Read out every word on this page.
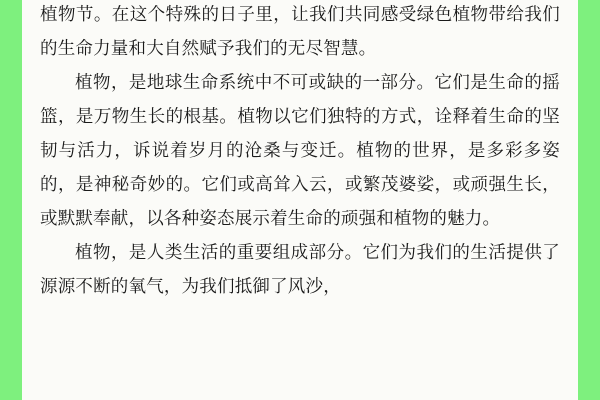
植物节。在这个特殊的日子里，让我们共同感受绿色植物带给我们的生命力量和大自然赋予我们的无尽智慧。

植物，是地球生命系统中不可或缺的一部分。它们是生命的摇篮，是万物生长的根基。植物以它们独特的方式，诠释着生命的坚韧与活力，诉说着岁月的沧桑与变迁。植物的世界，是多彩多姿的，是神秘奇妙的。它们或高耸入云，或繁茂婆娑，或顽强生长，或默默奉献，以各种姿态展示着生命的顽强和植物的魅力。

植物，是人类生活的重要组成部分。它们为我们的生活提供了源源不断的氧气，为我们抵御了风沙，
